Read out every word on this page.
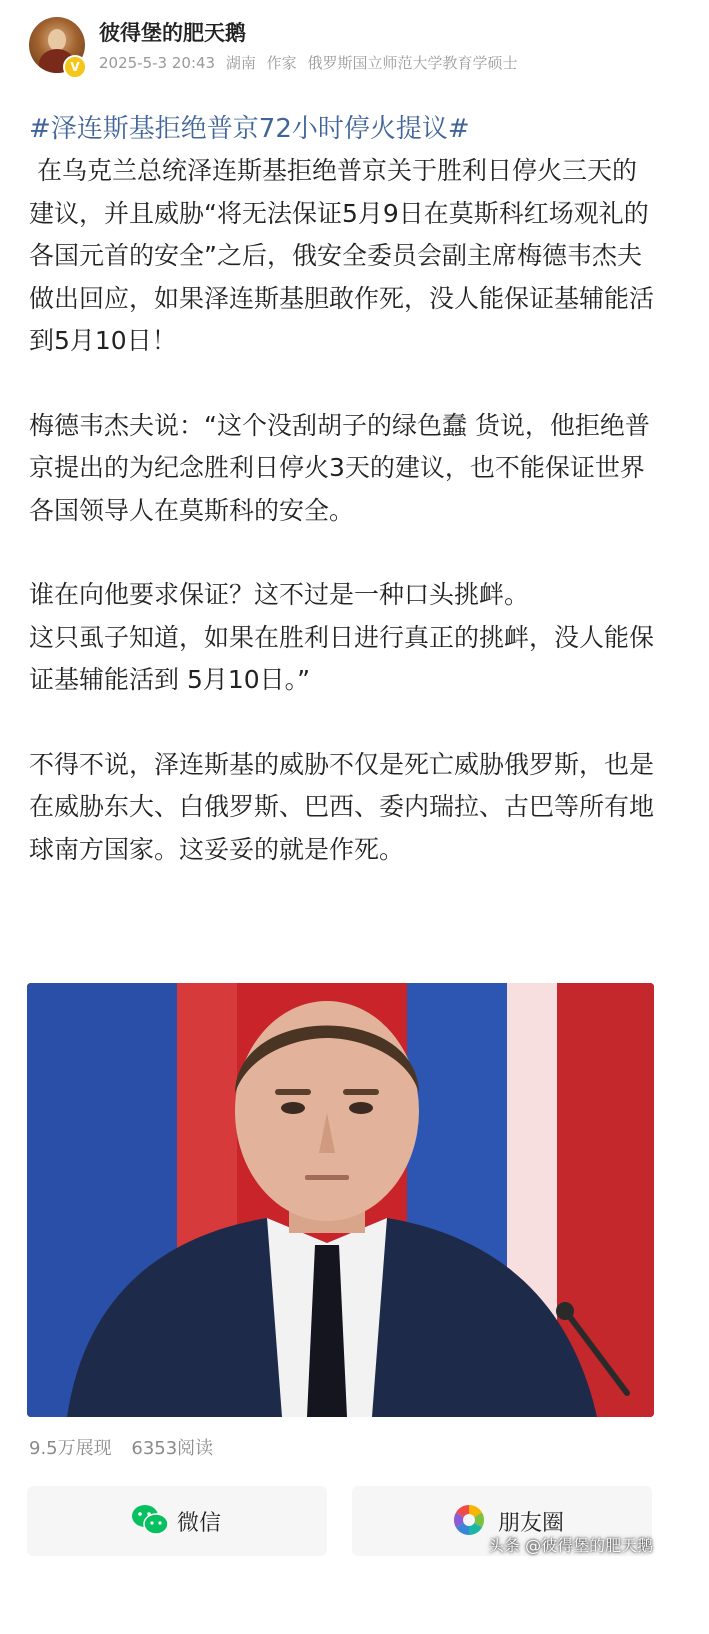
V
彼得堡的肥天鹅
2025-5-3 20:43 湖南 作家 俄罗斯国立师范大学教育学硕士
#泽连斯基拒绝普京72小时停火提议#

在乌克兰总统泽连斯基拒绝普京关于胜利日停火三天的建议，并且威胁“将无法保证5月9日在莫斯科红场观礼的各国元首的安全”之后，俄安全委员会副主席梅德韦杰夫做出回应，如果泽连斯基胆敢作死，没人能保证基辅能活到5月10日！

梅德韦杰夫说：“这个没刮胡子的绿色蠢 货说，他拒绝普京提出的为纪念胜利日停火3天的建议，也不能保证世界各国领导人在莫斯科的安全。

谁在向他要求保证？这不过是一种口头挑衅。
这只虱子知道，如果在胜利日进行真正的挑衅，没人能保证基辅能活到 5月10日。”

不得不说，泽连斯基的威胁不仅是死亡威胁俄罗斯，也是在威胁东大、白俄罗斯、巴西、委内瑞拉、古巴等所有地球南方国家。这妥妥的就是作死。

9.5万展现 6353阅读
微信	朋友圈
头条 @彼得堡的肥天鹅
